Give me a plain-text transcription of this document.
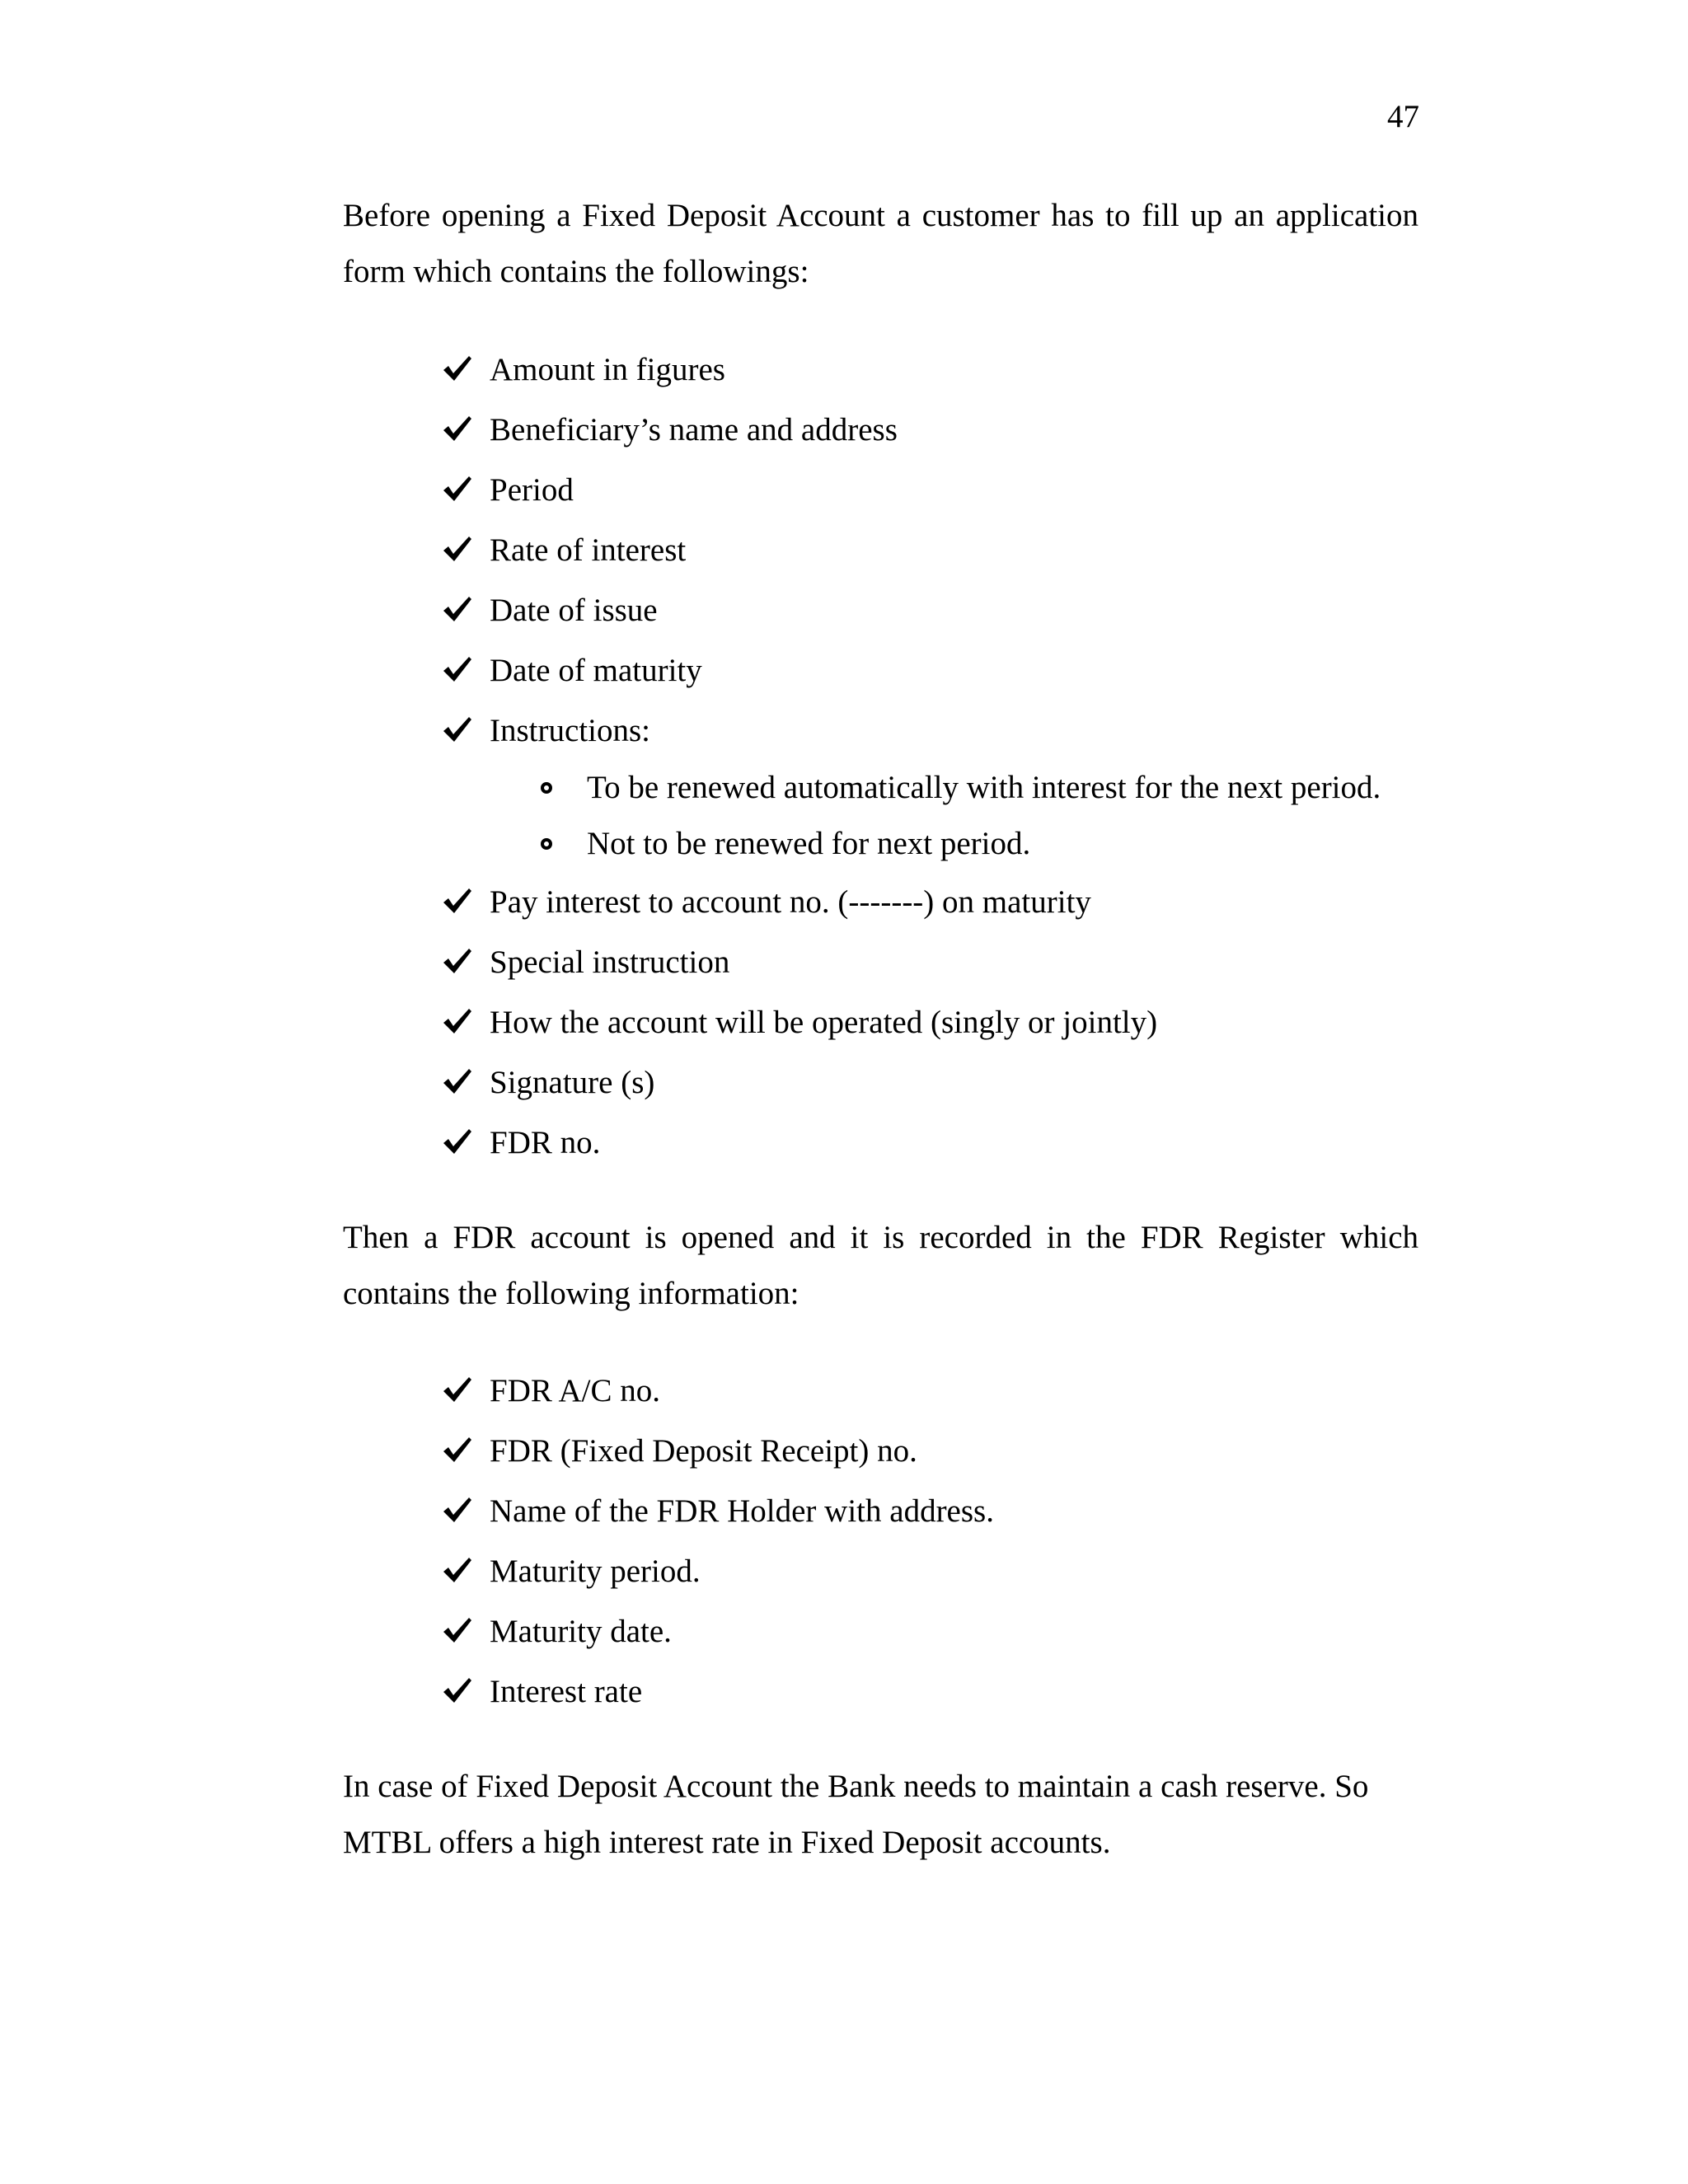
47

Before opening a Fixed Deposit Account a customer has to fill up an application form which contains the followings:

Amount in figures
Beneficiary’s name and address
Period
Rate of interest
Date of issue
Date of maturity
Instructions:
To be renewed automatically with interest for the next period.
Not to be renewed for next period.
Pay interest to account no. (-------) on maturity
Special instruction
How the account will be operated (singly or jointly)
Signature (s)
FDR no.

Then a FDR account is opened and it is recorded in the FDR Register which contains the following information:

FDR A/C no.
FDR (Fixed Deposit Receipt) no.
Name of the FDR Holder with address.
Maturity period.
Maturity date.
Interest rate

In case of Fixed Deposit Account the Bank needs to maintain a cash reserve. So MTBL offers a high interest rate in Fixed Deposit accounts.
